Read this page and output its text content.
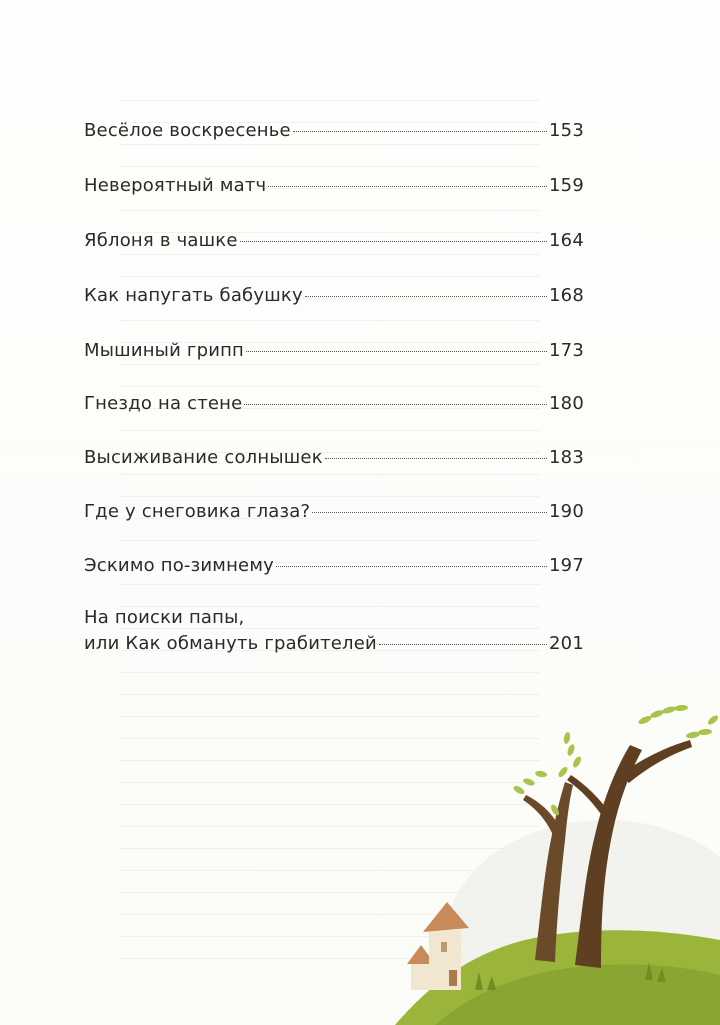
Весёлое воскресенье	153
Невероятный матч	159
Яблоня в чашке	164
Как напугать бабушку	168
Мышиный грипп	173
Гнездо на стене	180
Высиживание солнышек	183
Где у снеговика глаза?	190
Эскимо по-зимнему	197
На поиски папы,
или Как обмануть грабителей	201
